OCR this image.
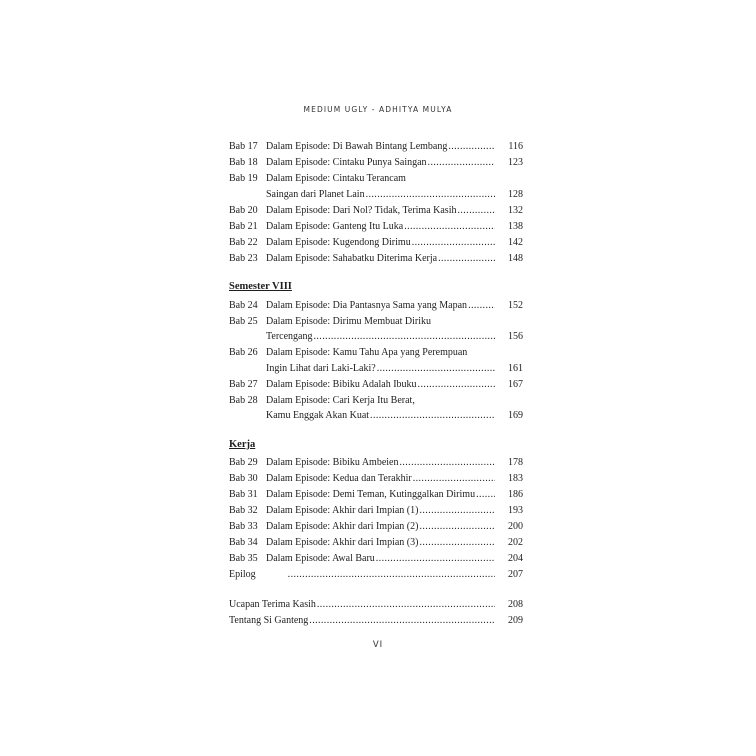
MEDIUM UGLY - ADHITYA MULYA
Bab 17 Dalam Episode: Di Bawah Bintang Lembang .....	116
Bab 18 Dalam Episode: Cintaku Punya Saingan .....	123
Bab 19 Dalam Episode: Cintaku Terancam
Saingan dari Planet Lain .....	128
Bab 20 Dalam Episode: Dari Nol? Tidak, Terima Kasih .....	132
Bab 21 Dalam Episode: Ganteng Itu Luka .....	138
Bab 22 Dalam Episode: Kugendong Dirimu .....	142
Bab 23 Dalam Episode: Sahabatku Diterima Kerja .....	148
Semester VIII
Bab 24 Dalam Episode: Dia Pantasnya Sama yang Mapan .....	152
Bab 25 Dalam Episode: Dirimu Membuat Diriku
Tercengang .....	156
Bab 26 Dalam Episode: Kamu Tahu Apa yang Perempuan
Ingin Lihat dari Laki-Laki? .....	161
Bab 27 Dalam Episode: Bibiku Adalah Ibuku .....	167
Bab 28 Dalam Episode: Cari Kerja Itu Berat,
Kamu Enggak Akan Kuat .....	169
Kerja
Bab 29 Dalam Episode: Bibiku Ambeien .....	178
Bab 30 Dalam Episode: Kedua dan Terakhir .....	183
Bab 31 Dalam Episode: Demi Teman, Kutinggalkan Dirimu .....	186
Bab 32 Dalam Episode: Akhir dari Impian (1) .....	193
Bab 33 Dalam Episode: Akhir dari Impian (2) .....	200
Bab 34 Dalam Episode: Akhir dari Impian (3) .....	202
Bab 35 Dalam Episode: Awal Baru .....	204
Epilog .....	207
Ucapan Terima Kasih .....	208
Tentang Si Ganteng .....	209
VI
